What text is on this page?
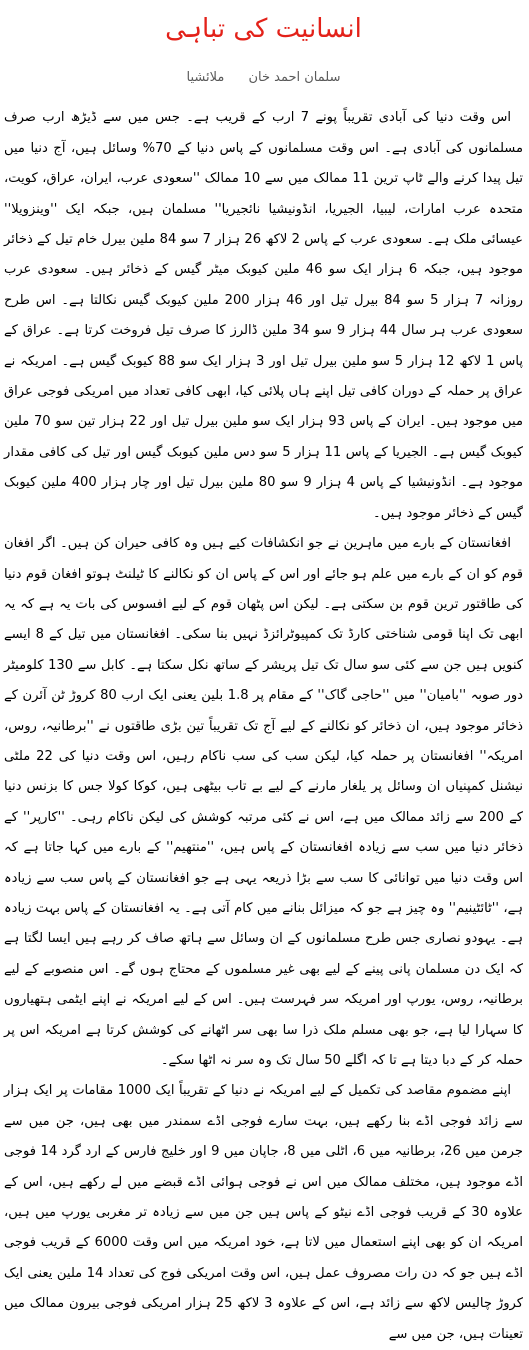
انسانیت کی تباہی
سلمان احمد خان ملائشیا

اس وقت دنیا کی آبادی تقریباً پونے 7 ارب کے قریب ہے۔ جس میں سے ڈیڑھ ارب صرف مسلمانوں کی آبادی ہے۔ اس وقت مسلمانوں کے پاس دنیا کے 70% وسائل ہیں، آج دنیا میں تیل پیدا کرنے والے ٹاپ ترین 11 ممالک میں سے 10 ممالک ''سعودی عرب، ایران، عراق، کویت، متحدہ عرب امارات، لیبیا، الجیریا، انڈونیشیا نائجیریا'' مسلمان ہیں، جبکہ ایک ''وینزویلا'' عیسائی ملک ہے۔ سعودی عرب کے پاس 2 لاکھ 26 ہزار 7 سو 84 ملین بیرل خام تیل کے ذخائر موجود ہیں، جبکہ 6 ہزار ایک سو 46 ملین کیوبک میٹر گیس کے ذخائر ہیں۔ سعودی عرب روزانہ 7 ہزار 5 سو 84 بیرل تیل اور 46 ہزار 200 ملین کیوبک گیس نکالتا ہے۔ اس طرح سعودی عرب ہر سال 44 ہزار 9 سو 34 ملین ڈالرز کا صرف تیل فروخت کرتا ہے۔ عراق کے پاس 1 لاکھ 12 ہزار 5 سو ملین بیرل تیل اور 3 ہزار ایک سو 88 کیوبک گیس ہے۔ امریکہ نے عراق پر حملہ کے دوران کافی تیل اپنے ہاں پلائی کیا، ابھی کافی تعداد میں امریکی فوجی عراق میں موجود ہیں۔ ایران کے پاس 93 ہزار ایک سو ملین بیرل تیل اور 22 ہزار تین سو 70 ملین کیوبک گیس ہے۔ الجیریا کے پاس 11 ہزار 5 سو دس ملین کیوبک گیس اور تیل کی کافی مقدار موجود ہے۔ انڈونیشیا کے پاس 4 ہزار 9 سو 80 ملین بیرل تیل اور چار ہزار 400 ملین کیوبک گیس کے ذخائر موجود ہیں۔

افغانستان کے بارے میں ماہرین نے جو انکشافات کیے ہیں وہ کافی حیران کن ہیں۔ اگر افغان قوم کو ان کے بارے میں علم ہو جائے اور اس کے پاس ان کو نکالنے کا ٹیلنٹ ہوتو افغان قوم دنیا کی طاقتور ترین قوم بن سکتی ہے۔ لیکن اس پٹھان قوم کے لیے افسوس کی بات یہ ہے کہ یہ ابھی تک اپنا قومی شناختی کارڈ تک کمپیوٹرائزڈ نہیں بنا سکی۔ افغانستان میں تیل کے 8 ایسے کنویں ہیں جن سے کئی سو سال تک تیل پریشر کے ساتھ نکل سکتا ہے۔ کابل سے 130 کلومیٹر دور صوبہ ''بامیان'' میں ''حاجی گاک'' کے مقام پر 1.8 بلین یعنی ایک ارب 80 کروڑ ٹن آئرن کے ذخائر موجود ہیں، ان ذخائر کو نکالنے کے لیے آج تک تقریباً تین بڑی طاقتوں نے ''برطانیہ، روس، امریکہ'' افغانستان پر حملہ کیا، لیکن سب کی سب ناکام رہیں، اس وقت دنیا کی 22 ملٹی نیشنل کمپنیاں ان وسائل پر یلغار مارنے کے لیے بے تاب بیٹھی ہیں، کوکا کولا جس کا بزنس دنیا کے 200 سے زائد ممالک میں ہے، اس نے کئی مرتبہ کوشش کی لیکن ناکام رہی۔ ''کارپر'' کے ذخائر دنیا میں سب سے زیادہ افغانستان کے پاس ہیں، ''منتھیم'' کے بارے میں کہا جاتا ہے کہ اس وقت دنیا میں توانائی کا سب سے بڑا ذریعہ یہی ہے جو افغانستان کے پاس سب سے زیادہ ہے، ''ٹائٹینیم'' وہ چیز ہے جو کہ میزائل بنانے میں کام آتی ہے۔ یہ افغانستان کے پاس بہت زیادہ ہے۔ یہودو نصاری جس طرح مسلمانوں کے ان وسائل سے ہاتھ صاف کر رہے ہیں ایسا لگتا ہے کہ ایک دن مسلمان پانی پینے کے لیے بھی غیر مسلموں کے محتاج ہوں گے۔ اس منصوبے کے لیے برطانیہ، روس، یورپ اور امریکہ سر فہرست ہیں۔ اس کے لیے امریکہ نے اپنے ایٹمی ہتھیاروں کا سہارا لیا ہے، جو بھی مسلم ملک ذرا سا بھی سر اٹھانے کی کوشش کرتا ہے امریکہ اس پر حملہ کر کے دبا دیتا ہے تا کہ اگلے 50 سال تک وہ سر نہ اٹھا سکے۔

اپنے مضموم مقاصد کی تکمیل کے لیے امریکہ نے دنیا کے تقریباً ایک 1000 مقامات پر ایک ہزار سے زائد فوجی اڈے بنا رکھے ہیں، بہت سارے فوجی اڈے سمندر میں بھی ہیں، جن میں سے جرمن میں 26، برطانیہ میں 6، اٹلی میں 8، جاپان میں 9 اور خلیج فارس کے ارد گرد 14 فوجی اڈے موجود ہیں، مختلف ممالک میں اس نے فوجی ہوائی اڈے قبضے میں لے رکھے ہیں، اس کے علاوہ 30 کے قریب فوجی اڈے نیٹو کے پاس ہیں جن میں سے زیادہ تر مغربی یورپ میں ہیں، امریکہ ان کو بھی اپنے استعمال میں لاتا ہے، خود امریکہ میں اس وقت 6000 کے قریب فوجی اڈے ہیں جو کہ دن رات مصروف عمل ہیں، اس وقت امریکی فوج کی تعداد 14 ملین یعنی ایک کروڑ چالیس لاکھ سے زائد ہے، اس کے علاوہ 3 لاکھ 25 ہزار امریکی فوجی بیرون ممالک میں تعینات ہیں، جن میں سے
